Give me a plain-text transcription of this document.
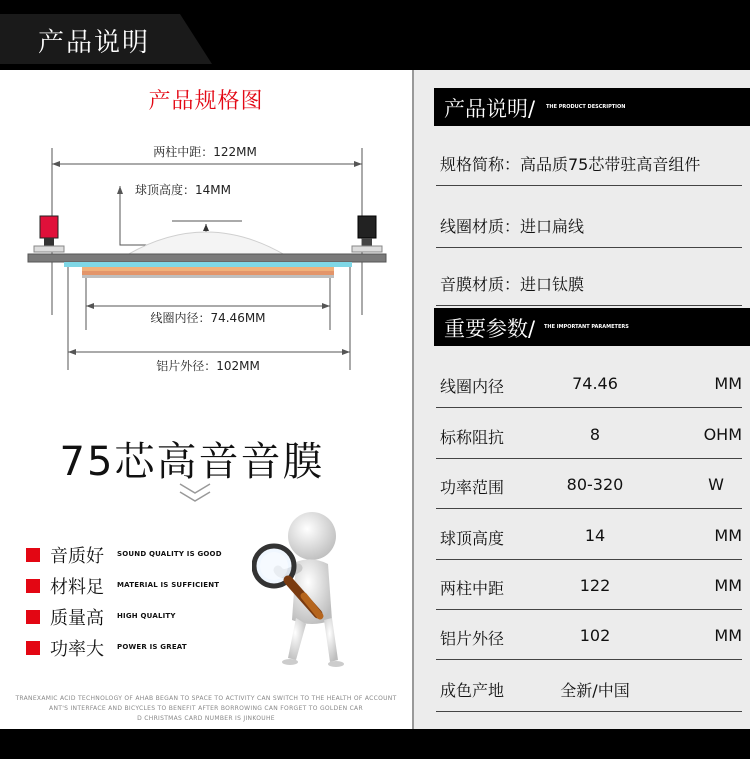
产品说明
产品规格图
两柱中距：122MM
球顶高度：14MM
线圈内径：74.46MM
铝片外径：102MM
75芯高音音膜
音质好 SOUND QUALITY IS GOOD
材料足 MATERIAL IS SUFFICIENT
质量高 HIGH QUALITY
功率大 POWER IS GREAT
TRANEXAMIC ACID TECHNOLOGY OF AHAB BEGAN TO SPACE TO ACTIVITY CAN SWITCH TO THE HEALTH OF ACCOUNT
ANT'S INTERFACE AND BICYCLES TO BENEFIT AFTER BORROWING CAN FORGET TO GOLDEN CAR
D CHRISTMAS CARD NUMBER IS JINKOUHE
产品说明/ THE PRODUCT DESCRIPTION
规格简称：高品质75芯带驻高音组件
线圈材质：进口扁线
音膜材质：进口钛膜
重要参数/ THE IMPORTANT PARAMETERS
线圈内径	74.46	MM
标称阻抗	8	OHM
功率范围	80-320	W
球顶高度	14	MM
两柱中距	122	MM
铝片外径	102	MM
成色产地	全新/中国
